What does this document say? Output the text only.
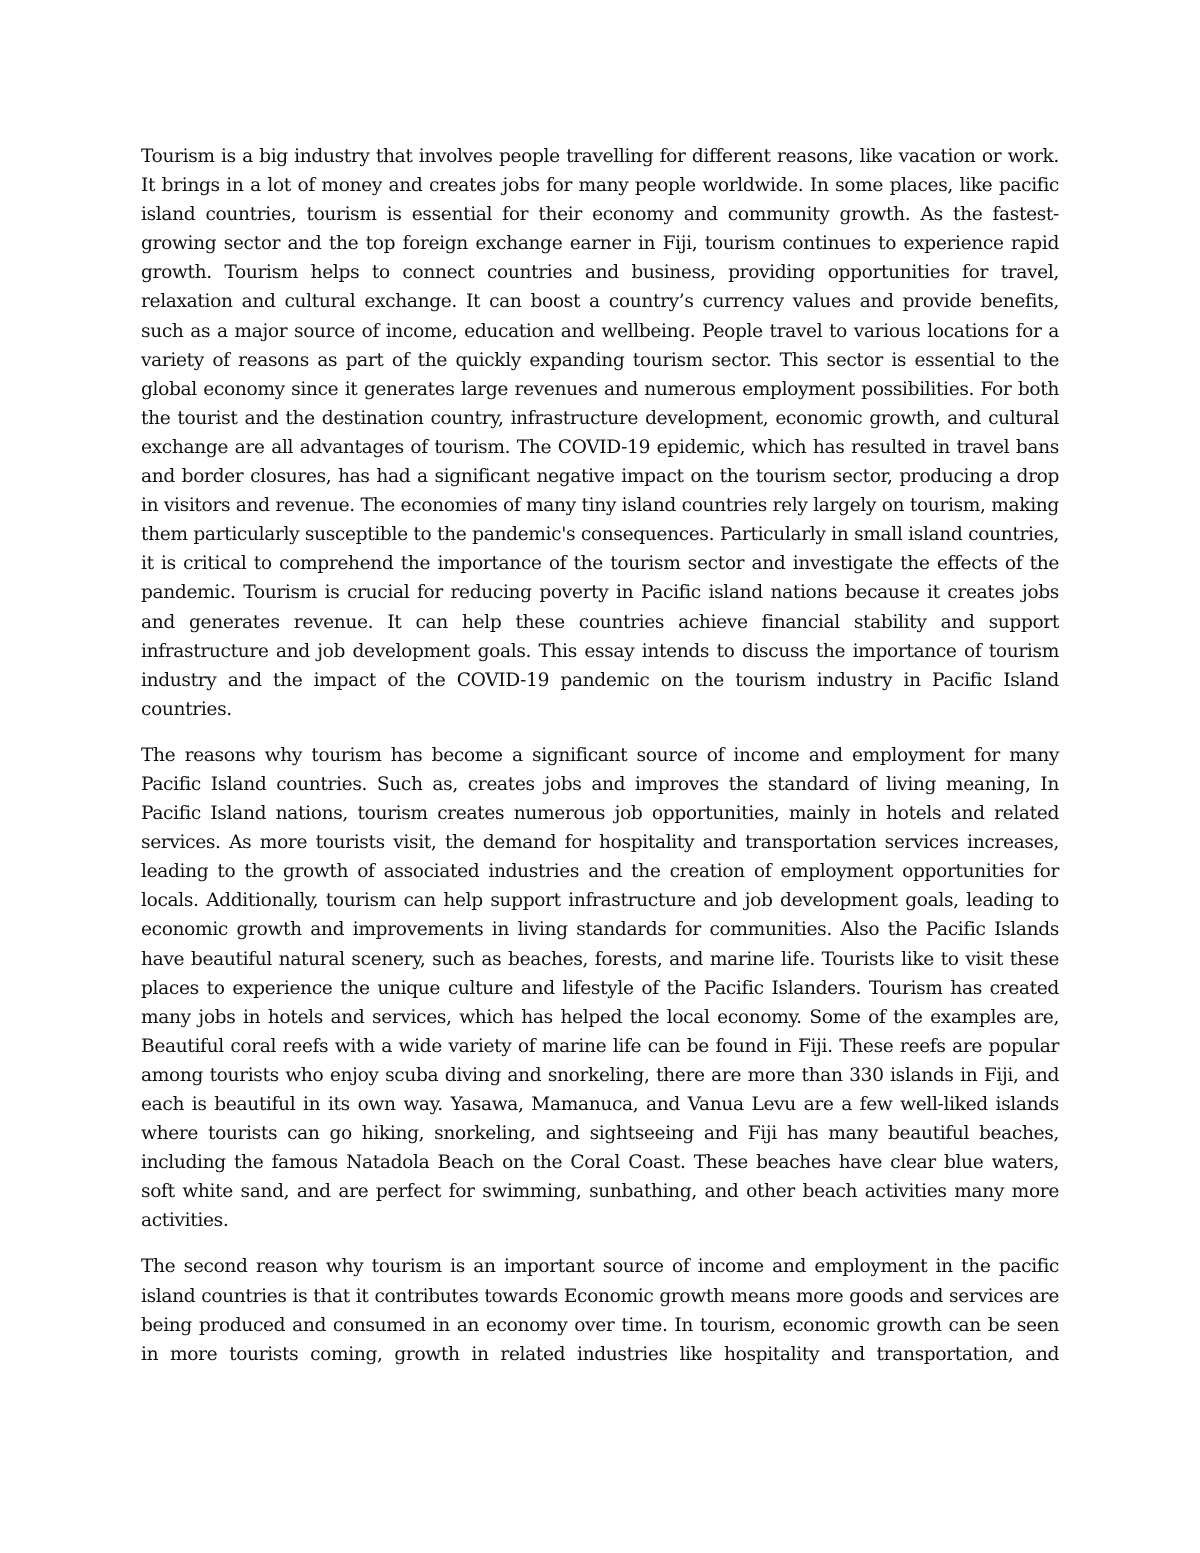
Tourism is a big industry that involves people travelling for different reasons, like vacation or work. It brings in a lot of money and creates jobs for many people worldwide. In some places, like pacific island countries, tourism is essential for their economy and community growth. As the fastest-growing sector and the top foreign exchange earner in Fiji, tourism continues to experience rapid growth. Tourism helps to connect countries and business, providing opportunities for travel, relaxation and cultural exchange. It can boost a country’s currency values and provide benefits, such as a major source of income, education and wellbeing. People travel to various locations for a variety of reasons as part of the quickly expanding tourism sector. This sector is essential to the global economy since it generates large revenues and numerous employment possibilities. For both the tourist and the destination country, infrastructure development, economic growth, and cultural exchange are all advantages of tourism. The COVID-19 epidemic, which has resulted in travel bans and border closures, has had a significant negative impact on the tourism sector, producing a drop in visitors and revenue. The economies of many tiny island countries rely largely on tourism, making them particularly susceptible to the pandemic's consequences. Particularly in small island countries, it is critical to comprehend the importance of the tourism sector and investigate the effects of the pandemic. Tourism is crucial for reducing poverty in Pacific island nations because it creates jobs and generates revenue. It can help these countries achieve financial stability and support infrastructure and job development goals. This essay intends to discuss the importance of tourism industry and the impact of the COVID-19 pandemic on the tourism industry in Pacific Island countries.

The reasons why tourism has become a significant source of income and employment for many Pacific Island countries. Such as, creates jobs and improves the standard of living meaning, In Pacific Island nations, tourism creates numerous job opportunities, mainly in hotels and related services. As more tourists visit, the demand for hospitality and transportation services increases, leading to the growth of associated industries and the creation of employment opportunities for locals. Additionally, tourism can help support infrastructure and job development goals, leading to economic growth and improvements in living standards for communities. Also the Pacific Islands have beautiful natural scenery, such as beaches, forests, and marine life. Tourists like to visit these places to experience the unique culture and lifestyle of the Pacific Islanders. Tourism has created many jobs in hotels and services, which has helped the local economy. Some of the examples are, Beautiful coral reefs with a wide variety of marine life can be found in Fiji. These reefs are popular among tourists who enjoy scuba diving and snorkeling, there are more than 330 islands in Fiji, and each is beautiful in its own way. Yasawa, Mamanuca, and Vanua Levu are a few well-liked islands where tourists can go hiking, snorkeling, and sightseeing and Fiji has many beautiful beaches, including the famous Natadola Beach on the Coral Coast. These beaches have clear blue waters, soft white sand, and are perfect for swimming, sunbathing, and other beach activities many more activities.

The second reason why tourism is an important source of income and employment in the pacific island countries is that it contributes towards Economic growth means more goods and services are being produced and consumed in an economy over time. In tourism, economic growth can be seen in more tourists coming, growth in related industries like hospitality and transportation, and
